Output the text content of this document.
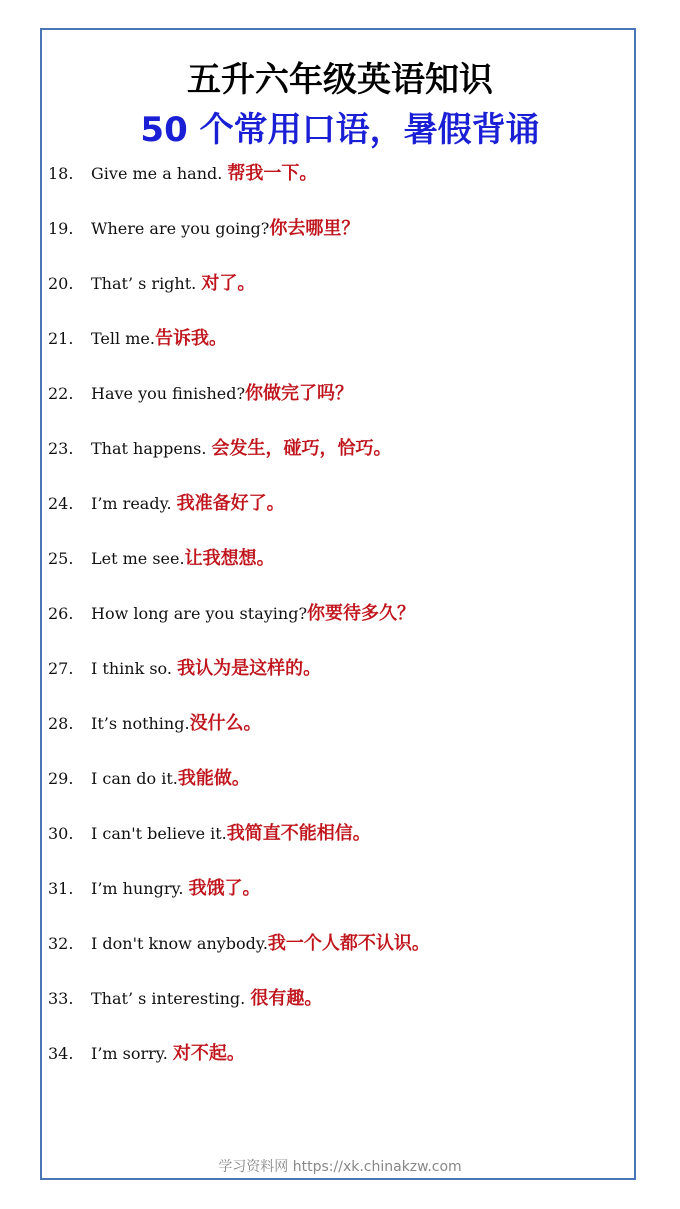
五升六年级英语知识
50 个常用口语，暑假背诵
18. Give me a hand. 帮我一下。
19. Where are you going?你去哪里？
20. That’ s right. 对了。
21. Tell me.告诉我。
22. Have you finished?你做完了吗？
23. That happens. 会发生，碰巧，恰巧。
24. I’m ready. 我准备好了。
25. Let me see.让我想想。
26. How long are you staying?你要待多久？
27. I think so. 我认为是这样的。
28. It’s nothing.没什么。
29. I can do it.我能做。
30. I can't believe it.我简直不能相信。
31. I’m hungry. 我饿了。
32. I don't know anybody.我一个人都不认识。
33. That’ s interesting. 很有趣。
34. I’m sorry. 对不起。
学习资料网 https://xk.chinakzw.com
